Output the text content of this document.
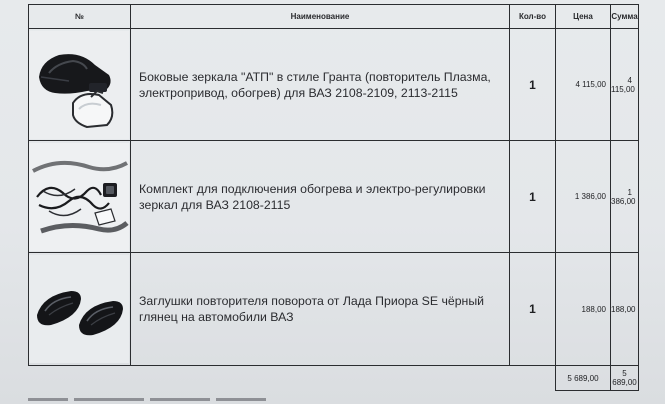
№	Наименование	Кол-во	Цена	Сумма

	Боковые зеркала "АТП" в стиле Гранта (повторитель Плазма, электропривод, обогрев) для ВАЗ 2108-2109, 2113-2115	1	4 115,00	4 115,00

	Комплект для подключения обогрева и электро-регулировки зеркал для ВАЗ 2108-2115	1	1 386,00	1 386,00

	Заглушки повторителя поворота от Лада Приора SE чёрный глянец на автомобили ВАЗ	1	188,00	188,00
			5 689,00	5 689,00
